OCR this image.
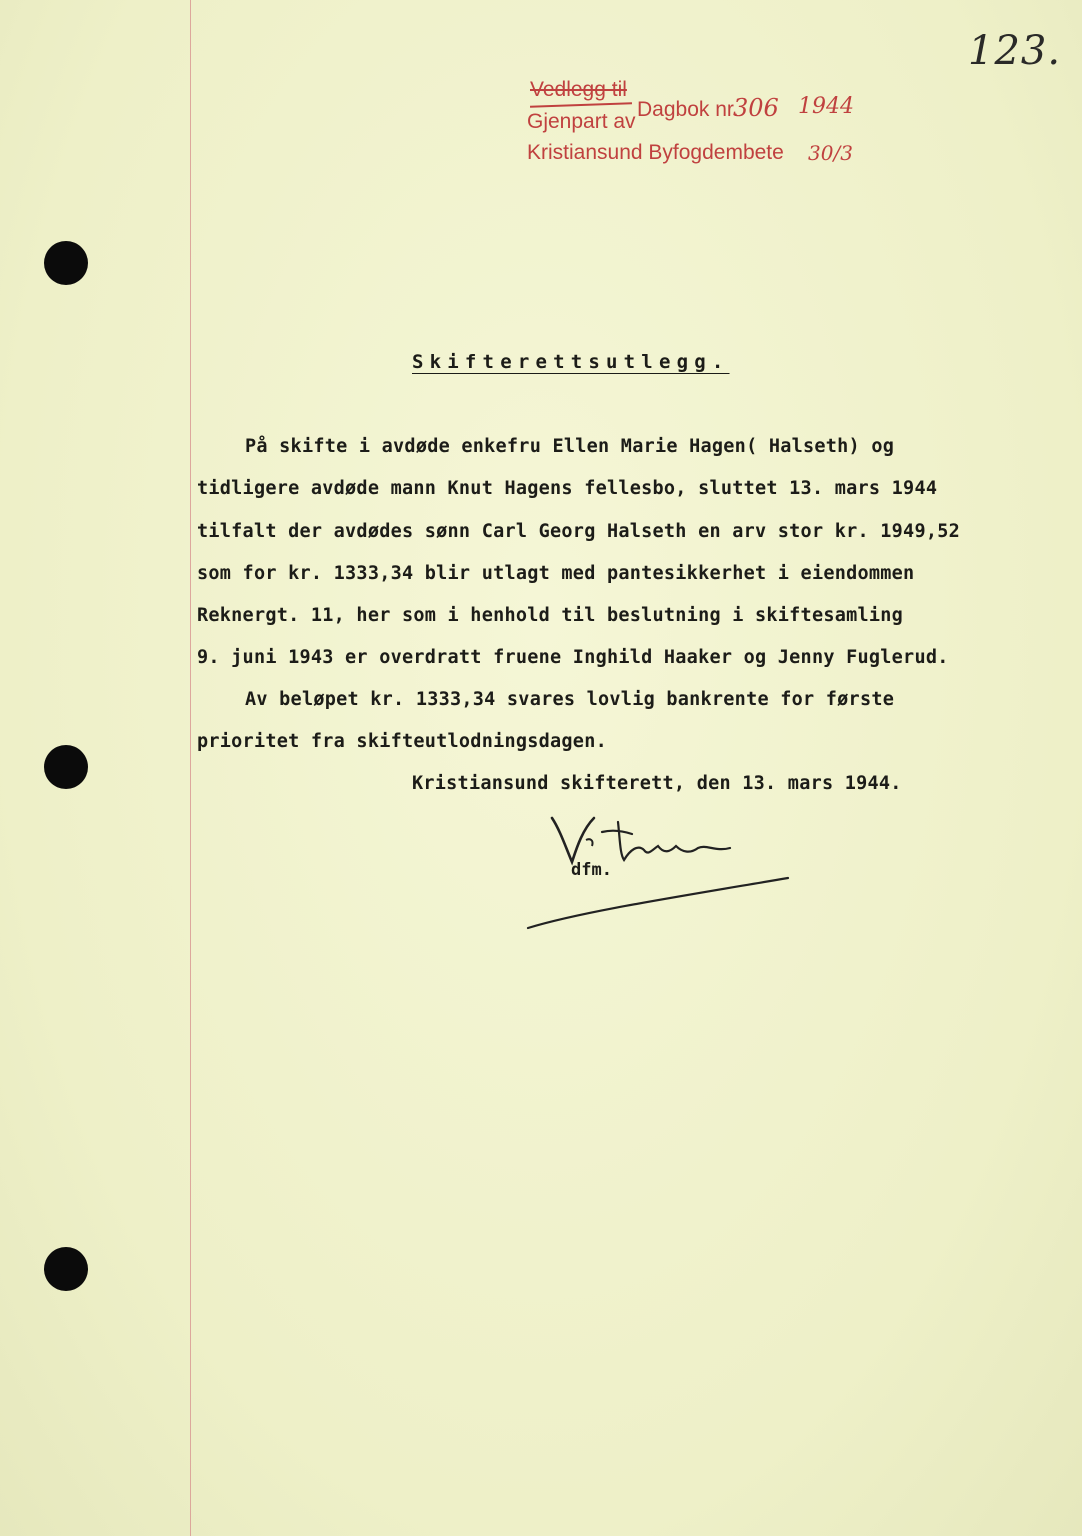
123.
Vedlegg til
Gjenpart av
Dagbok nr.
306 1944
Kristiansund Byfogdembete 30/3
Skifterettsutlegg.
På skifte i avdøde enkefru Ellen Marie Hagen( Halseth) og
tidligere avdøde mann Knut Hagens fellesbo, sluttet 13. mars 1944
tilfalt der avdødes sønn Carl Georg Halseth en arv stor kr. 1949,52
som for kr. 1333,34 blir utlagt med pantesikkerhet i eiendommen
Reknergt. 11, her som i henhold til beslutning i skiftesamling
9. juni 1943 er overdratt fruene Inghild Haaker og Jenny Fuglerud.
Av beløpet kr. 1333,34 svares lovlig bankrente for første
prioritet fra skifteutlodningsdagen.
Kristiansund skifterett, den 13. mars 1944.
dfm.
